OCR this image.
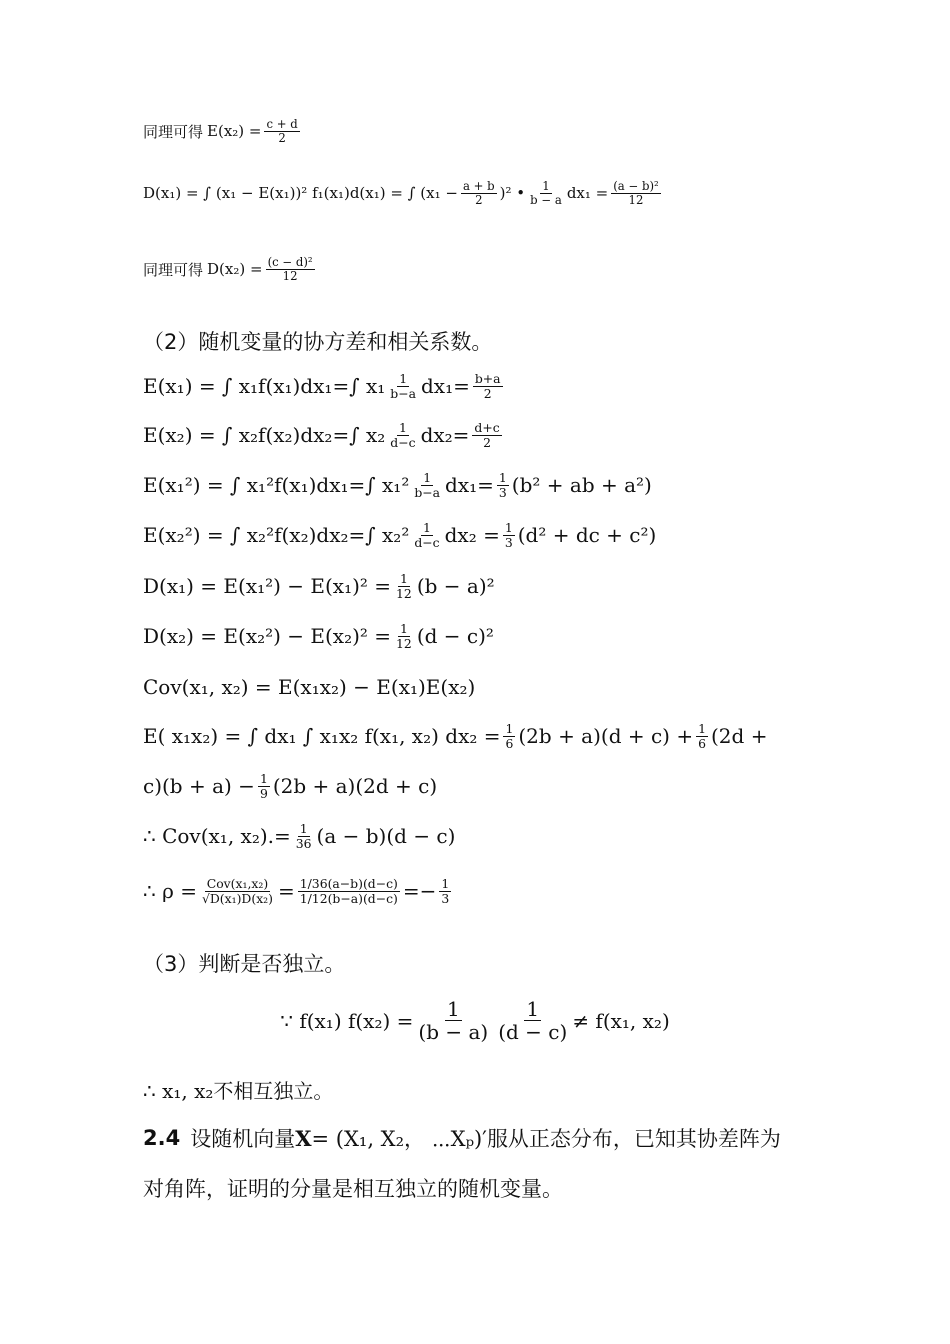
同理可得 $E(x_2) = \frac{c + d}{2}$
D(x₁) = ∫ (x₁ − E(x₁))² f₁(x₁)d(x₁) = ∫ $(x_1 - \frac{a + b}{2} )^2$ • $\frac{1}{b - a} dx_1 = \frac{\text{(a − b)²}}{12}$
同理可得 $D(x_2) = \frac{\text{(c − d)²}}{12}$
（2）随机变量的协方差和相关系数。
E(x₁) = ∫ x₁f(x₁)dx₁=∫ $x_1 \frac{1}{b-a} dx_1= \frac{b+a}{2}$
E(x₂) = ∫ x₂f(x₂)dx₂=∫ $x_2 \frac{1}{d-c} dx_2= \frac{d+c}{2}$
E(x₁²) = ∫ x₁²f(x₁)dx₁=∫ $x_1^2 \frac{1}{b-a} dx_1= \frac{1}{3} (b^2$ + ab + a²)
E(x₂²) = ∫ x₂²f(x₂)dx₂=∫ $x_2^2 \frac{1}{d-c} dx_2 = \frac{1}{3} (d^2$ + dc + c²)
$D(x_1) = E(x_1^2) - E(x_1)^2 = \frac{1}{12} (b - a)^2$
$D(x_2) = E(x_2^2) - E(x_2)^2 = \frac{1}{12} (d - c)^2$
Cov(x₁, x₂) = E(x₁x₂) − E(x₁)E(x₂)
E( x₁x₂) = ∫ dx₁ ∫ x₁x₂ f(x₁, x₂) $dx_2 = \frac{1}{6} (2b + a)(d + c) + \frac{1}{6} (2d$ +
$c)(b + a) - \frac{1}{9} (2b + a)(2d + c)$
∴ Cov(x₁, $x_2).= \frac{1}{36} (a - b)(d - c)$
∴ $\rho = \frac{\text{Cov(x₁,x₂)}}{\text{√D(x₁)D(x₂)}} = \frac{1/36(a-b)(d-c)}{1/12(b-a)(d-c)} =- \frac{1}{3}$
（3）判断是否独立。
∵ f(x₁) $f(x_2) = \frac{1}{(b - a)} \frac{1}{(d - c)} \ne f(x_1$, x₂)
∴ x₁, x₂不相互独立。
2.4 设随机向量 X = (X₁, X₂， ⋯Xₚ)′ 服从正态分布，已知其协差阵为
对角阵，证明的分量是相互独立的随机变量。
